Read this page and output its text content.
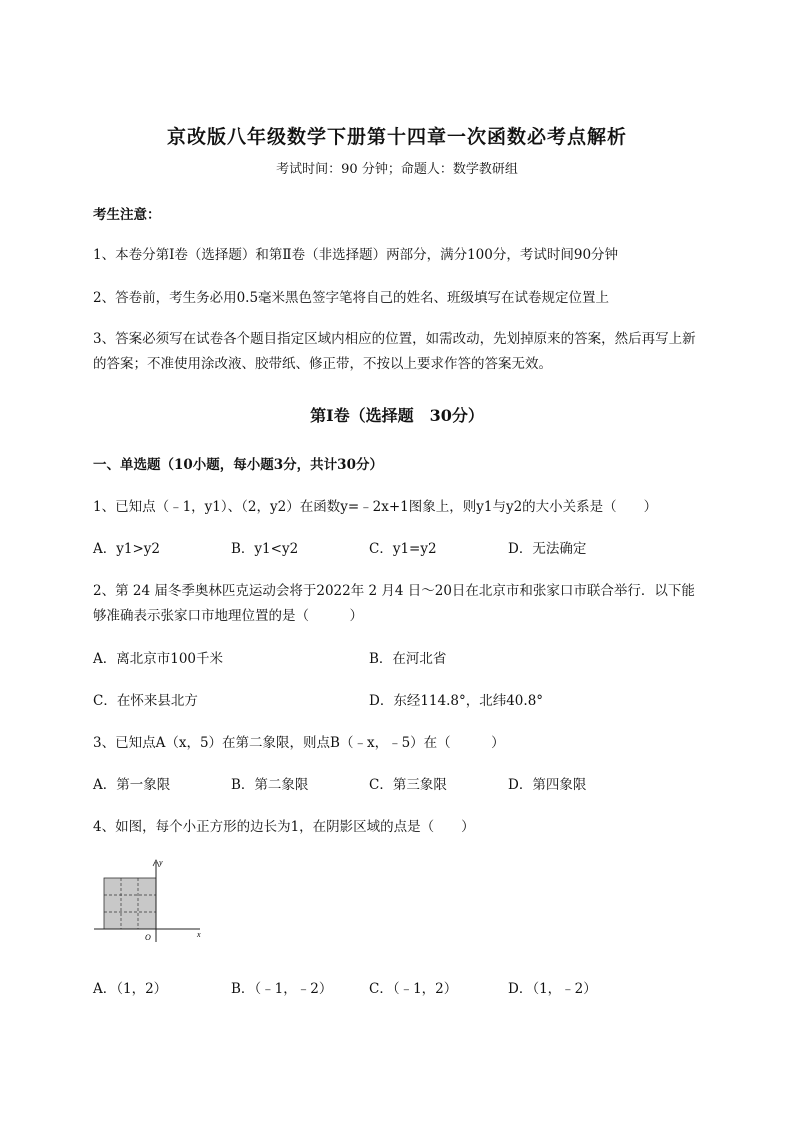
京改版八年级数学下册第十四章一次函数必考点解析
考试时间：90 分钟；命题人：数学教研组
考生注意：
1、本卷分第Ⅰ卷（选择题）和第Ⅱ卷（非选择题）两部分，满分100分，考试时间90分钟
2、答卷前，考生务必用0.5毫米黑色签字笔将自己的姓名、班级填写在试卷规定位置上
3、答案必须写在试卷各个题目指定区域内相应的位置，如需改动，先划掉原来的答案，然后再写上新
的答案；不准使用涂改液、胶带纸、修正带，不按以上要求作答的答案无效。
第Ⅰ卷（选择题　30分）
一、单选题（10小题，每小题3分，共计30分）
1、已知点（﹣1，y1）、（2，y2）在函数y=﹣2x+1图象上，则y1与y2的大小关系是（　　）
A．y1>y2	B．y1<y2	C．y1=y2	D．无法确定
2、第 24 届冬季奥林匹克运动会将于2022年 2 月4 日～20日在北京市和张家口市联合举行．以下能
够准确表示张家口市地理位置的是（　　　）
A．离北京市100千米	B．在河北省
C．在怀来县北方	D．东经114.8°，北纬40.8°
3、已知点A（x，5）在第二象限，则点B（﹣x，﹣5）在（　　　）
A．第一象限	B．第二象限	C．第三象限	D．第四象限
4、如图，每个小正方形的边长为1，在阴影区域的点是（　　）
y
x
O
A．（1，2）	B．（﹣1，﹣2）	C．（﹣1，2）	D．（1，﹣2）
